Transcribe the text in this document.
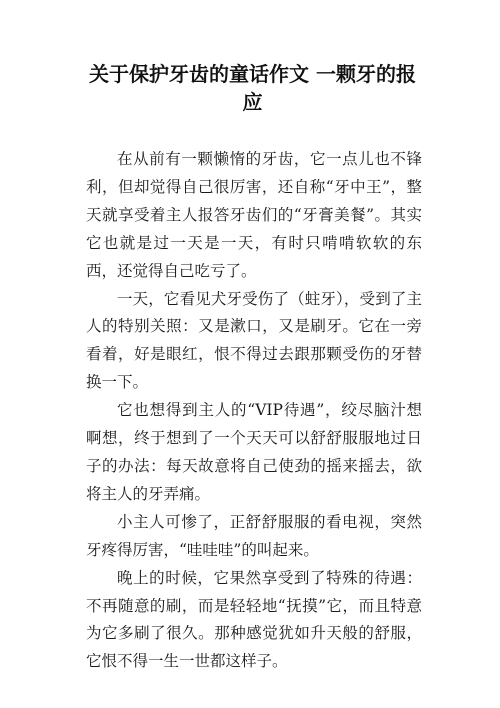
关于保护牙齿的童话作文 一颗牙的报应

在从前有一颗懒惰的牙齿，它一点儿也不锋利，但却觉得自己很厉害，还自称“牙中王”，整天就享受着主人报答牙齿们的“牙膏美餐”。其实它也就是过一天是一天，有时只啃啃软软的东西，还觉得自己吃亏了。

一天，它看见犬牙受伤了（蛀牙），受到了主人的特别关照：又是漱口，又是刷牙。它在一旁看着，好是眼红，恨不得过去跟那颗受伤的牙替换一下。

它也想得到主人的“VIP待遇”，绞尽脑汁想啊想，终于想到了一个天天可以舒舒服服地过日子的办法：每天故意将自己使劲的摇来摇去，欲将主人的牙弄痛。

小主人可惨了，正舒舒服服的看电视，突然牙疼得厉害，“哇哇哇”的叫起来。

晚上的时候，它果然享受到了特殊的待遇：不再随意的刷，而是轻轻地“抚摸”它，而且特意为它多刷了很久。那种感觉犹如升天般的舒服，它恨不得一生一世都这样子。
